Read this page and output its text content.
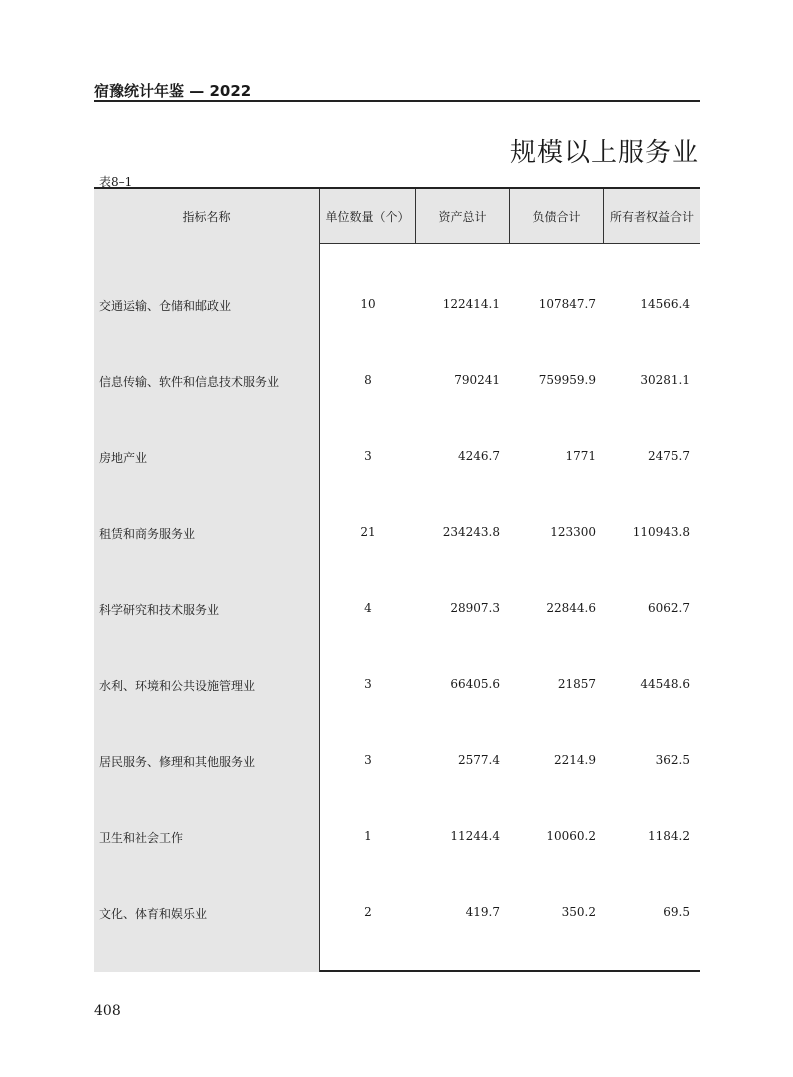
宿豫统计年鉴 — 2022
规模以上服务业
表8–1
指标名称	单位数量（个）	资产总计	负债合计	所有者权益合计
交通运输、仓储和邮政业	10	122414.1	107847.7	14566.4
信息传输、软件和信息技术服务业	8	790241	759959.9	30281.1
房地产业	3	4246.7	1771	2475.7
租赁和商务服务业	21	234243.8	123300	110943.8
科学研究和技术服务业	4	28907.3	22844.6	6062.7
水利、环境和公共设施管理业	3	66405.6	21857	44548.6
居民服务、修理和其他服务业	3	2577.4	2214.9	362.5
卫生和社会工作	1	11244.4	10060.2	1184.2
文化、体育和娱乐业	2	419.7	350.2	69.5
408
